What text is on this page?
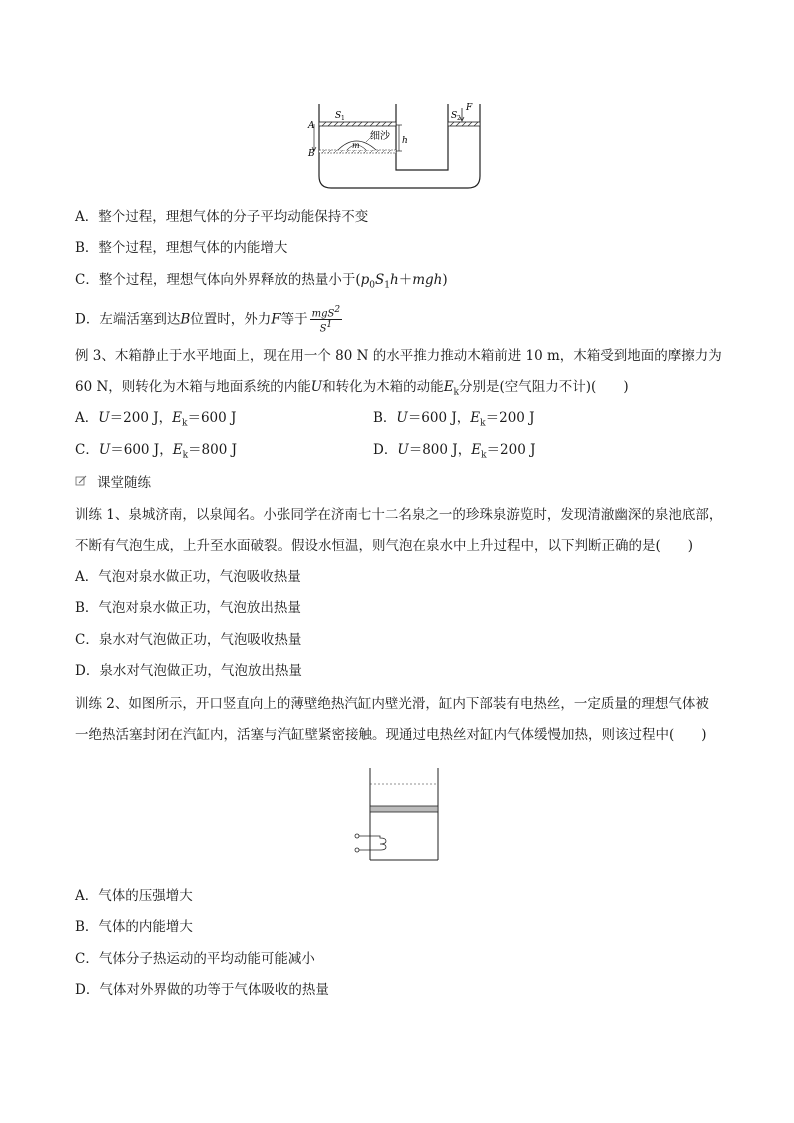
A
B
S 1	S 2
F
细沙
m	h
A．整个过程，理想气体的分子平均动能保持不变
B．整个过程，理想气体的内能增大
C．整个过程，理想气体向外界释放的热量小于$(p_0S_1h+mgh)$
D．左端活塞到达B位置时，外力F等于 $\frac{mgS^2}{S^1}$
例 3、木箱静止于水平地面上，现在用一个 80 N 的水平推力推动木箱前进 10 m，木箱受到地面的摩擦力为
60 N，则转化为木箱与地面系统的内能U和转化为木箱的动能$E_k$分别是(空气阻力不计)(　　)
A．U＝200 J，$E_k=600$ J	B．U＝600 J，$E_k=200$ J
C．U＝600 J，$E_k=800$ J	D．U＝800 J，$E_k=200$ J
课堂随练
训练 1、泉城济南，以泉闻名。小张同学在济南七十二名泉之一的珍珠泉游览时，发现清澈幽深的泉池底部，
不断有气泡生成，上升至水面破裂。假设水恒温，则气泡在泉水中上升过程中，以下判断正确的是(　　)
A．气泡对泉水做正功，气泡吸收热量
B．气泡对泉水做正功，气泡放出热量
C．泉水对气泡做正功，气泡吸收热量
D．泉水对气泡做正功，气泡放出热量
训练 2、如图所示，开口竖直向上的薄壁绝热汽缸内壁光滑，缸内下部装有电热丝，一定质量的理想气体被
一绝热活塞封闭在汽缸内，活塞与汽缸壁紧密接触。现通过电热丝对缸内气体缓慢加热，则该过程中(　　)
A．气体的压强增大
B．气体的内能增大
C．气体分子热运动的平均动能可能减小
D．气体对外界做的功等于气体吸收的热量
